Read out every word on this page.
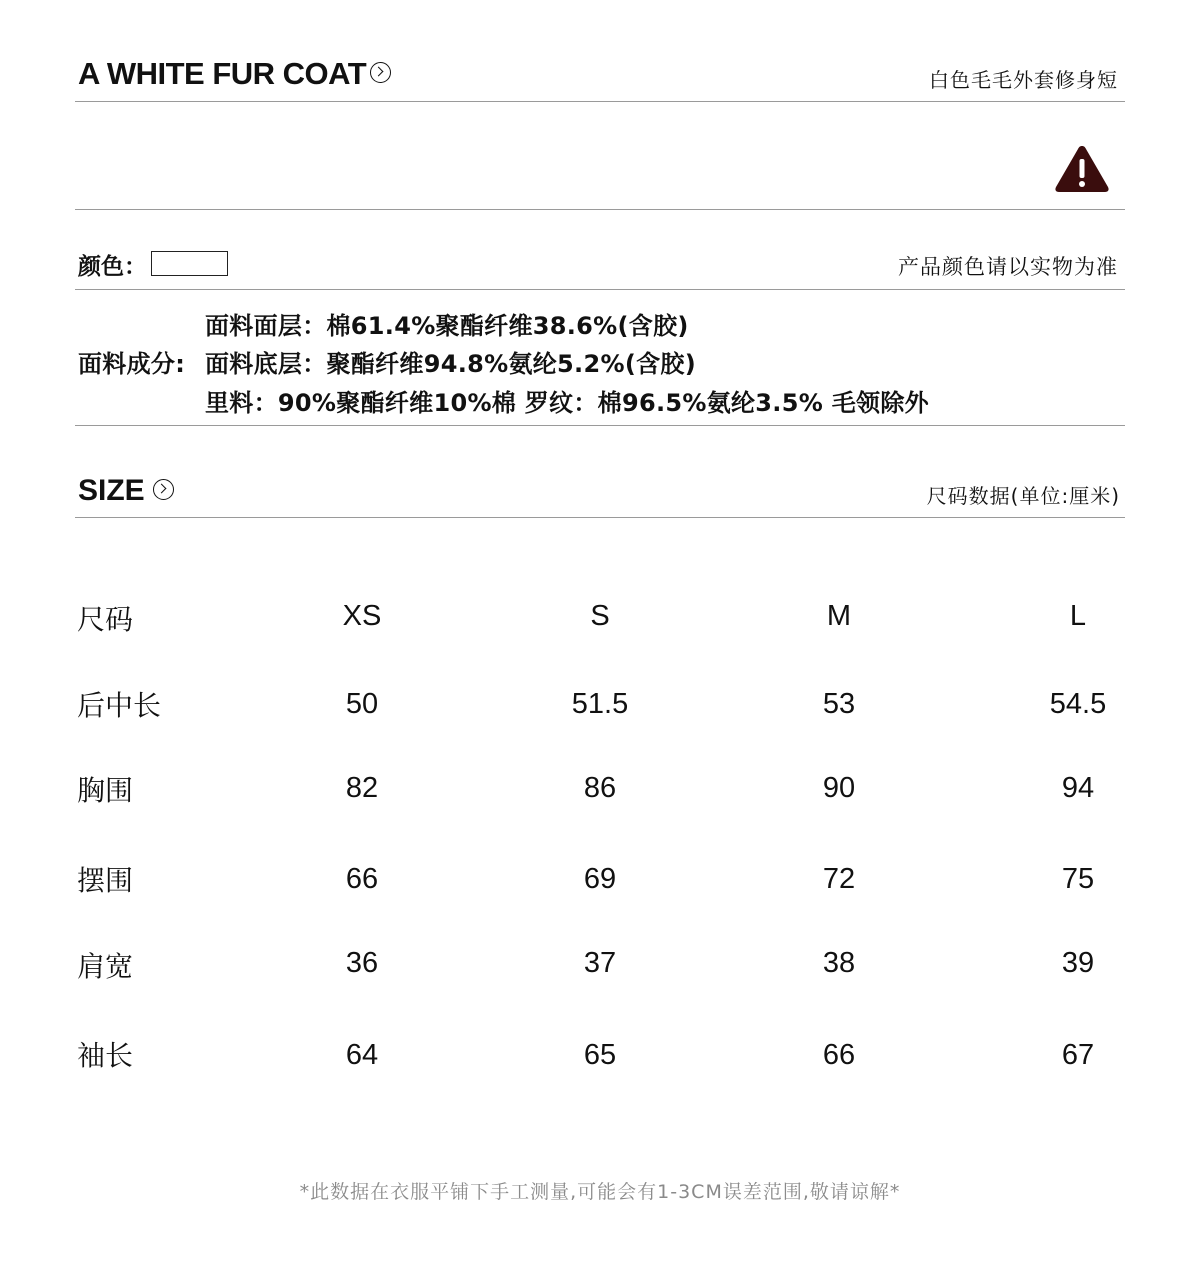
A WHITE FUR COAT	白色毛毛外套修身短
颜色：	产品颜色请以实物为准
面料成分:
面料面层：棉61.4%聚酯纤维38.6%(含胶)
面料底层：聚酯纤维94.8%氨纶5.2%(含胶)
里料：90%聚酯纤维10%棉 罗纹：棉96.5%氨纶3.5% 毛领除外
SIZE	尺码数据(单位:厘米)
尺码	XS	S	M	L
后中长	50	51.5	53	54.5
胸围	82	86	90	94
摆围	66	69	72	75
肩宽	36	37	38	39
袖长	64	65	66	67
*此数据在衣服平铺下手工测量,可能会有1-3CM误差范围,敬请谅解*
